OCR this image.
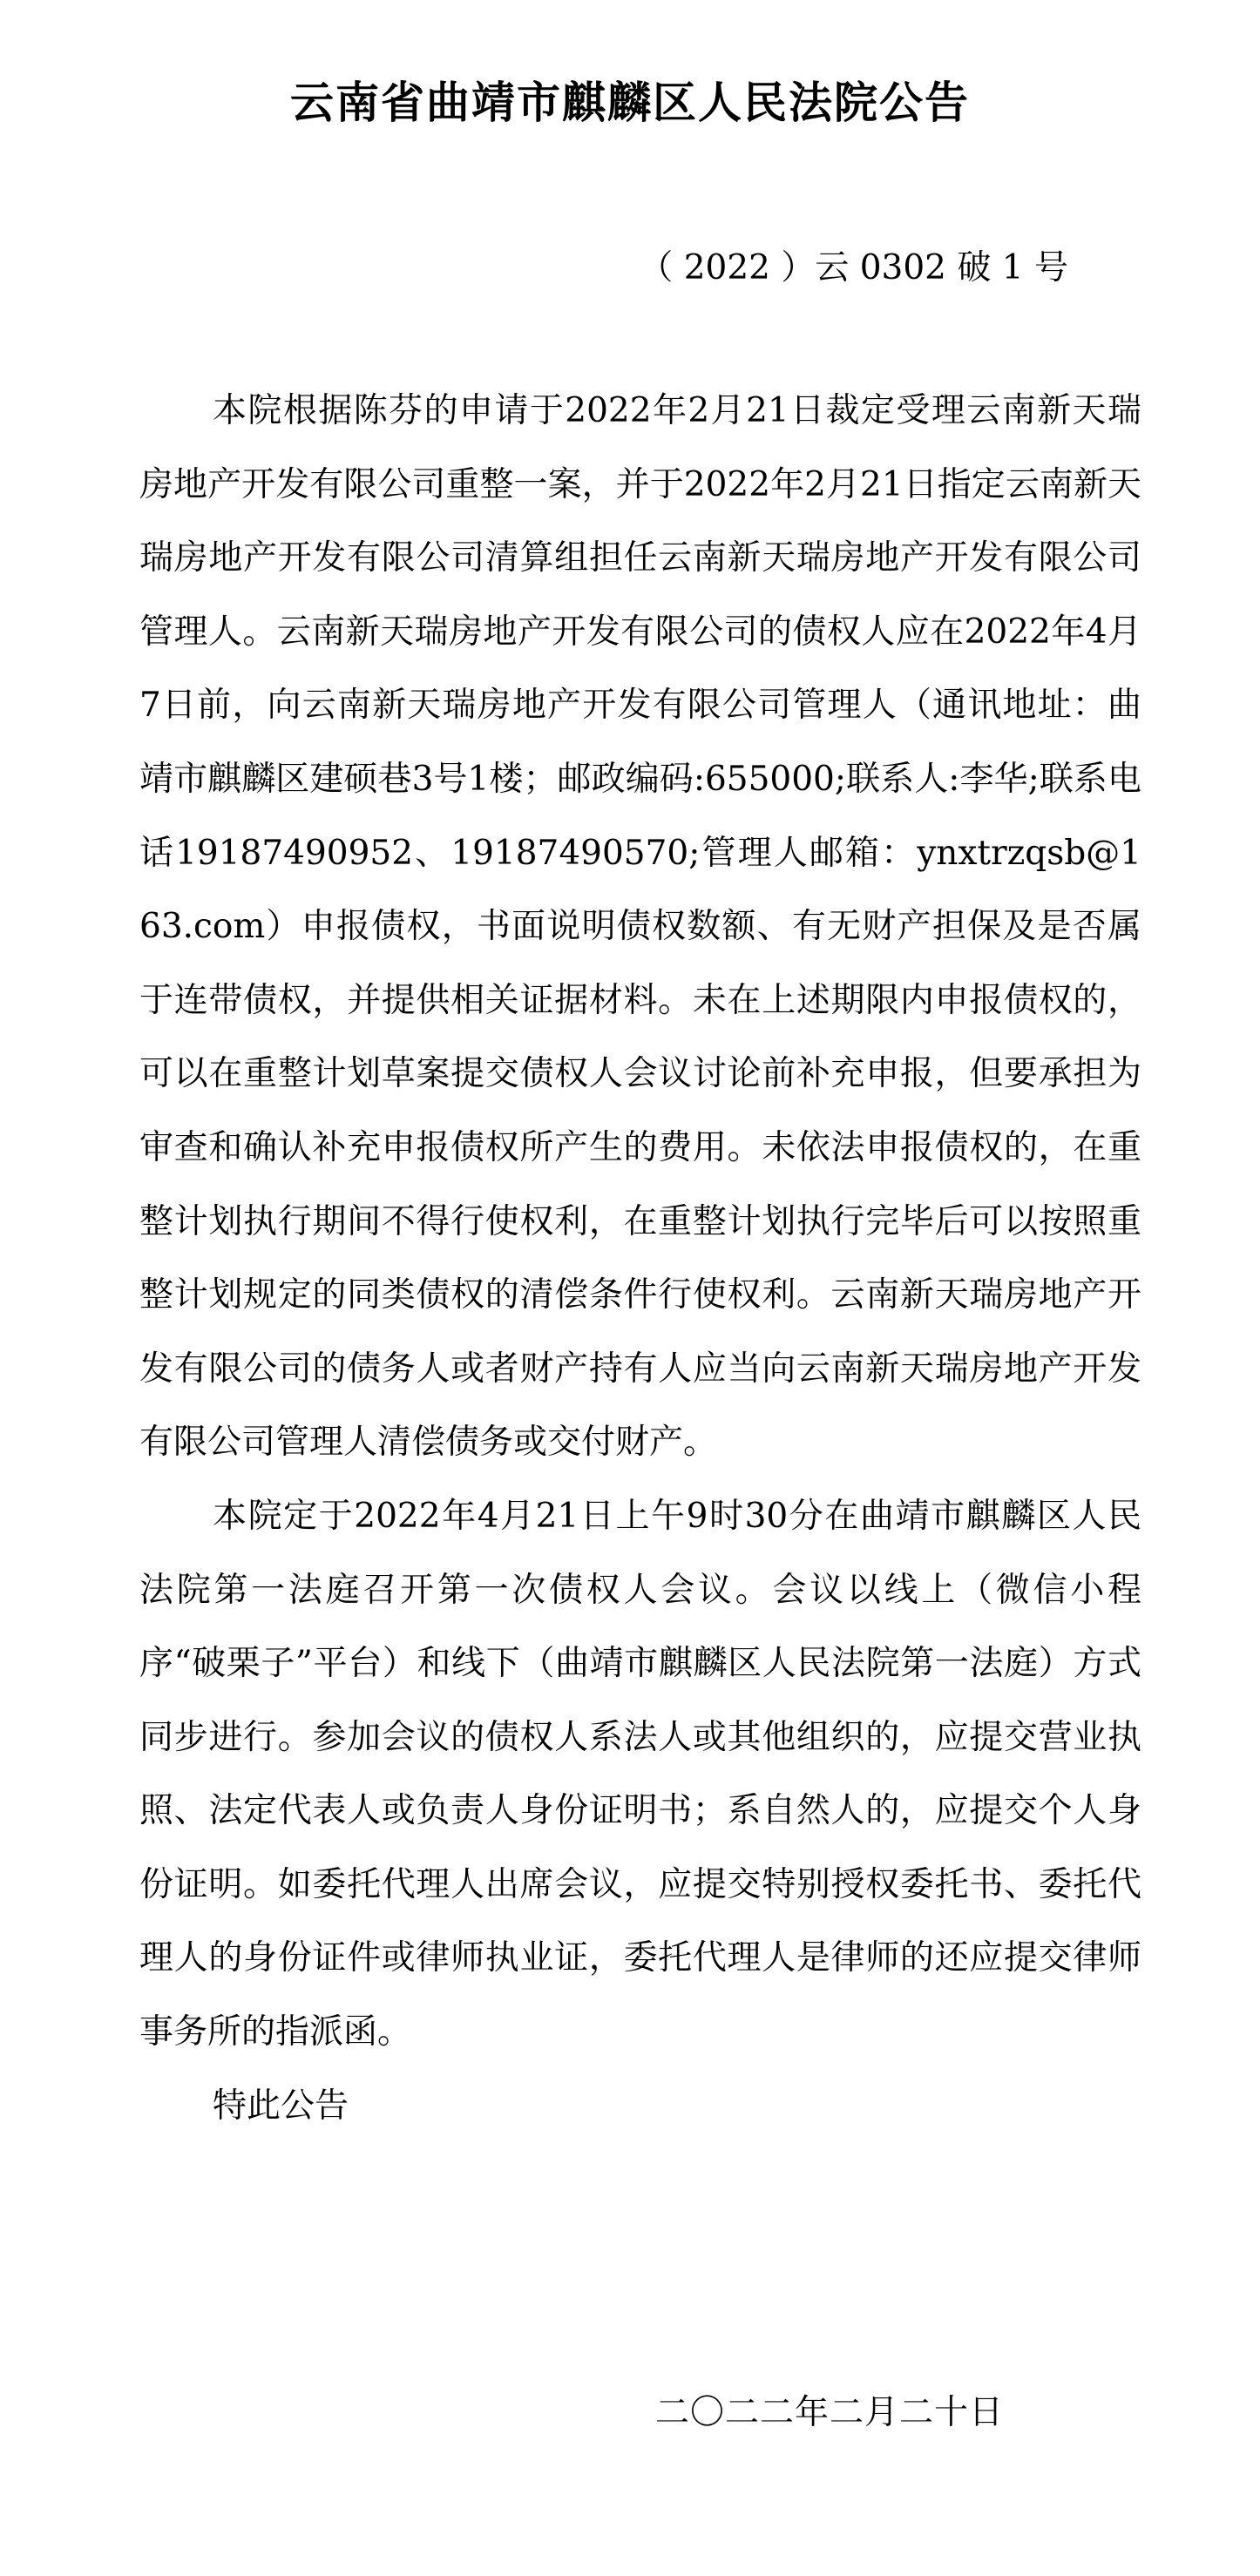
云南省曲靖市麒麟区人民法院公告
（ 2022 ）云 0302 破 1 号

本院根据陈芬的申请于2022年2月21日裁定受理云南新天瑞房地产开发有限公司重整一案，并于2022年2月21日指定云南新天瑞房地产开发有限公司清算组担任云南新天瑞房地产开发有限公司管理人。云南新天瑞房地产开发有限公司的债权人应在2022年4月7日前，向云南新天瑞房地产开发有限公司管理人（通讯地址：曲靖市麒麟区建硕巷3号1楼；邮政编码:655000;联系人:李华;联系电话19187490952、19187490570;管理人邮箱：ynxtrzqsb@163.com）申报债权，书面说明债权数额、有无财产担保及是否属于连带债权，并提供相关证据材料。未在上述期限内申报债权的，可以在重整计划草案提交债权人会议讨论前补充申报，但要承担为审查和确认补充申报债权所产生的费用。未依法申报债权的，在重整计划执行期间不得行使权利，在重整计划执行完毕后可以按照重整计划规定的同类债权的清偿条件行使权利。云南新天瑞房地产开发有限公司的债务人或者财产持有人应当向云南新天瑞房地产开发有限公司管理人清偿债务或交付财产。

本院定于2022年4月21日上午9时30分在曲靖市麒麟区人民法院第一法庭召开第一次债权人会议。会议以线上（微信小程序“破栗子”平台）和线下（曲靖市麒麟区人民法院第一法庭）方式同步进行。参加会议的债权人系法人或其他组织的，应提交营业执照、法定代表人或负责人身份证明书；系自然人的，应提交个人身份证明。如委托代理人出席会议，应提交特别授权委托书、委托代理人的身份证件或律师执业证，委托代理人是律师的还应提交律师事务所的指派函。

特此公告

二〇二二年二月二十日
